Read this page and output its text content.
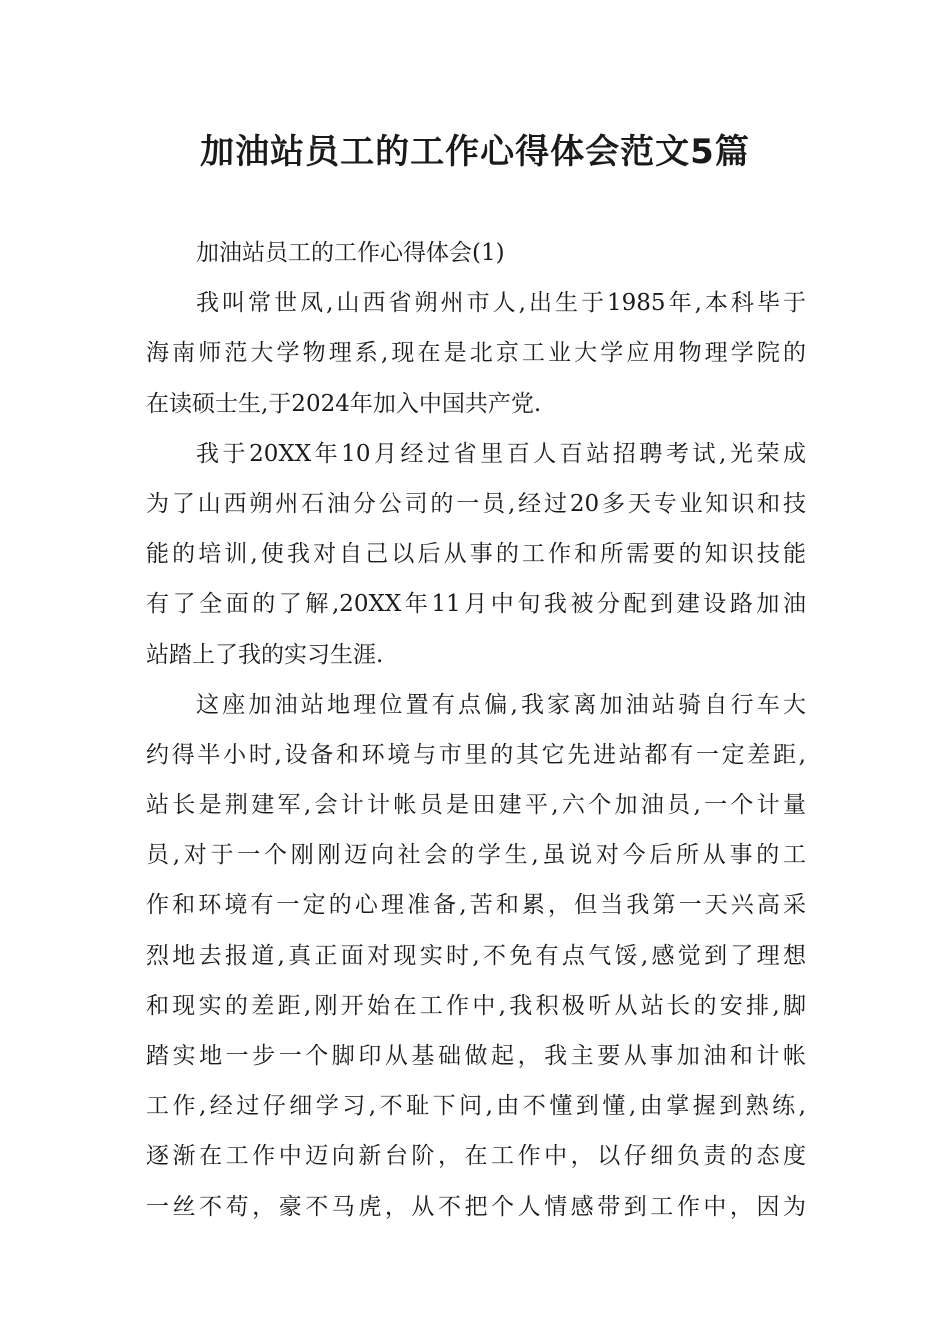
加油站员工的工作心得体会范文5篇
加油站员工的工作心得体会(1)
我叫常世凤,山西省朔州市人,出生于1985年,本科毕于
海南师范大学物理系,现在是北京工业大学应用物理学院的
在读硕士生,于2024年加入中国共产党.
我于20XX年10月经过省里百人百站招聘考试,光荣成
为了山西朔州石油分公司的一员,经过20多天专业知识和技
能的培训,使我对自己以后从事的工作和所需要的知识技能
有了全面的了解,20XX年11月中旬我被分配到建设路加油
站踏上了我的实习生涯.
这座加油站地理位置有点偏,我家离加油站骑自行车大
约得半小时,设备和环境与市里的其它先进站都有一定差距,
站长是荆建军,会计计帐员是田建平,六个加油员,一个计量
员,对于一个刚刚迈向社会的学生,虽说对今后所从事的工
作和环境有一定的心理准备,苦和累，但当我第一天兴高采
烈地去报道,真正面对现实时,不免有点气馁,感觉到了理想
和现实的差距,刚开始在工作中,我积极听从站长的安排,脚
踏实地一步一个脚印从基础做起，我主要从事加油和计帐
工作,经过仔细学习,不耻下问,由不懂到懂,由掌握到熟练,
逐渐在工作中迈向新台阶，在工作中，以仔细负责的态度
一丝不苟，豪不马虎，从不把个人情感带到工作中，因为
